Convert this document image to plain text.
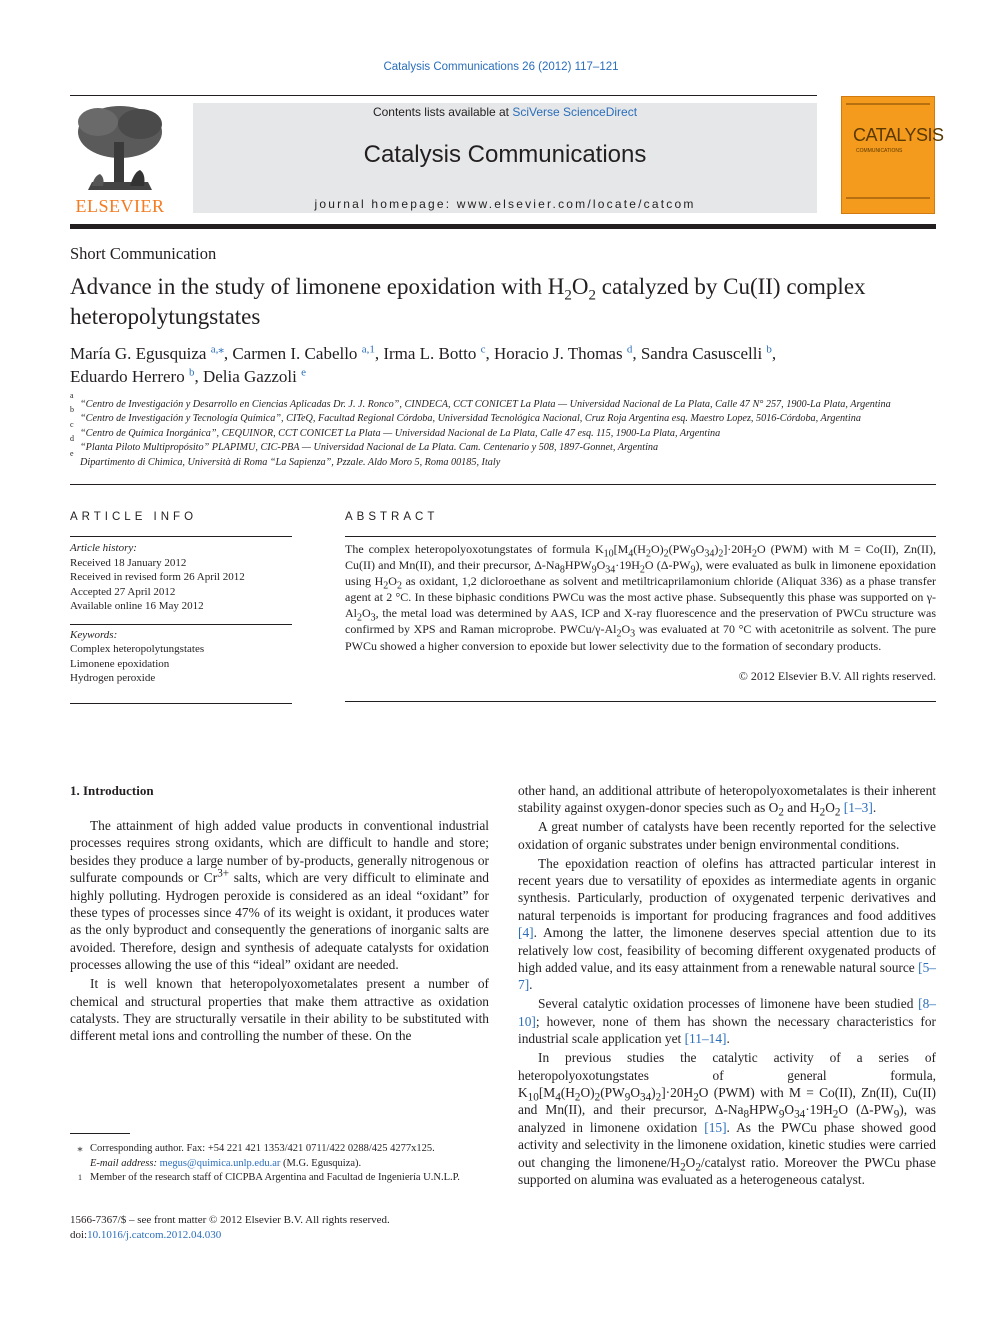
Catalysis Communications 26 (2012) 117–121
ELSEVIER
Contents lists available at SciVerse ScienceDirect
Catalysis Communications
journal homepage: www.elsevier.com/locate/catcom
CATALYSIS
COMMUNICATIONS
Short Communication
Advance in the study of limonene epoxidation with $H_2O_2$ catalyzed by Cu(II) complex heteropolytungstates
María G. Egusquiza $^{a,⁎}$, Carmen I. Cabello $^{a,1}$, Irma L. Botto $^c$, Horacio J. Thomas $^d$, Sandra Casuscelli $^b$,
Eduardo Herrero $^b$, Delia Gazzoli $^e$
a
“Centro de Investigación y Desarrollo en Ciencias Aplicadas Dr. J. J. Ronco”, CINDECA, CCT CONICET La Plata — Universidad Nacional de La Plata, Calle 47 N° 257, 1900-La Plata, Argentina
b
“Centro de Investigación y Tecnología Química”, CITeQ, Facultad Regional Córdoba, Universidad Tecnológica Nacional, Cruz Roja Argentina esq. Maestro Lopez, 5016-Córdoba, Argentina
c
“Centro de Química Inorgánica”, CEQUINOR, CCT CONICET La Plata — Universidad Nacional de La Plata, Calle 47 esq. 115, 1900-La Plata, Argentina
d
“Planta Piloto Multipropósito” PLAPIMU, CIC-PBA — Universidad Nacional de La Plata. Cam. Centenario y 508, 1897-Gonnet, Argentina
e
Dipartimento di Chimica, Università di Roma “La Sapienza”, Pzzale. Aldo Moro 5, Roma 00185, Italy
ARTICLE INFO	ABSTRACT
Article history:
Received 18 January 2012
Received in revised form 26 April 2012
Accepted 27 April 2012
Available online 16 May 2012
Keywords:
Complex heteropolytungstates
Limonene epoxidation
Hydrogen peroxide
The complex heteropolyoxotungstates of formula $K_{10}[M_4(H_2O)_2(PW_9O_{34})_2]\cdot 20H_2O$ (PWM) with M = Co(II), Zn(II), Cu(II) and Mn(II), and their precursor, $\Delta-Na_8HPW_9O_{34}\cdot 19H_2O$ $(\Delta-PW_9)$, were evaluated as bulk in limonene epoxidation using $H_2O_2$ as oxidant, 1,2 dicloroethane as solvent and metiltricaprilamonium chloride (Aliquat 336) as a phase transfer agent at 2 °C. In these biphasic conditions PWCu was the most active phase. Subsequently this phase was supported on $\gamma-Al_2O_3$, the metal load was determined by AAS, ICP and X-ray fluorescence and the preservation of PWCu structure was confirmed by XPS and Raman microprobe. PWCu/$\gamma-Al_2O_3$ was evaluated at 70 °C with acetonitrile as solvent. The pure PWCu showed a higher conversion to epoxide but lower selectivity due to the formation of secondary products.
© 2012 Elsevier B.V. All rights reserved.
1. Introduction

The attainment of high added value products in conventional industrial processes requires strong oxidants, which are difficult to handle and store; besides they produce a large number of by-products, generally nitrogenous or sulfurate compounds or $Cr^{3+}$ salts, which are very difficult to eliminate and highly polluting. Hydrogen peroxide is considered as an ideal “oxidant” for these types of processes since 47% of its weight is oxidant, it produces water as the only byproduct and consequently the generations of inorganic salts are avoided. Therefore, design and synthesis of adequate catalysts for oxidation processes allowing the use of this “ideal” oxidant are needed.

It is well known that heteropolyoxometalates present a number of chemical and structural properties that make them attractive as oxidation catalysts. They are structurally versatile in their ability to be substituted with different metal ions and controlling the number of these. On the

other hand, an additional attribute of heteropolyoxometalates is their inherent stability against oxygen-donor species such as $O_2$ and $H_2O_2$ [1–3].

A great number of catalysts have been recently reported for the selective oxidation of organic substrates under benign environmental conditions.

The epoxidation reaction of olefins has attracted particular interest in recent years due to versatility of epoxides as intermediate agents in organic synthesis. Particularly, production of oxygenated terpenic derivatives and natural terpenoids is important for producing fragrances and food additives [4]. Among the latter, the limonene deserves special attention due to its relatively low cost, feasibility of becoming different oxygenated products of high added value, and its easy attainment from a renewable natural source [5–7].

Several catalytic oxidation processes of limonene have been studied [8–10]; however, none of them has shown the necessary characteristics for industrial scale application yet [11–14].

In previous studies the catalytic activity of a series of heteropolyoxotungstates of general formula, $K_{10}[M_4(H_2O)_2(PW_9O_{34})_2]\cdot 20H_2O$ (PWM) with M = Co(II), Zn(II), Cu(II) and Mn(II), and their precursor, $\Delta-Na_8HPW_9O_{34}\cdot 19H_2O$ $(\Delta-PW_9)$, was analyzed in limonene oxidation [15]. As the PWCu phase showed good activity and selectivity in the limonene oxidation, kinetic studies were carried out changing the limonene/$H_2O_2$/catalyst ratio. Moreover the PWCu phase supported on alumina was evaluated as a heterogeneous catalyst.

⁎ Corresponding author. Fax: +54 221 421 1353/421 0711/422 0288/425 4277x125.
E-mail address: megus@quimica.unlp.edu.ar (M.G. Egusquiza).
1 Member of the research staff of CICPBA Argentina and Facultad de Ingeniería U.N.L.P.
1566-7367/$ – see front matter © 2012 Elsevier B.V. All rights reserved.
doi:10.1016/j.catcom.2012.04.030
